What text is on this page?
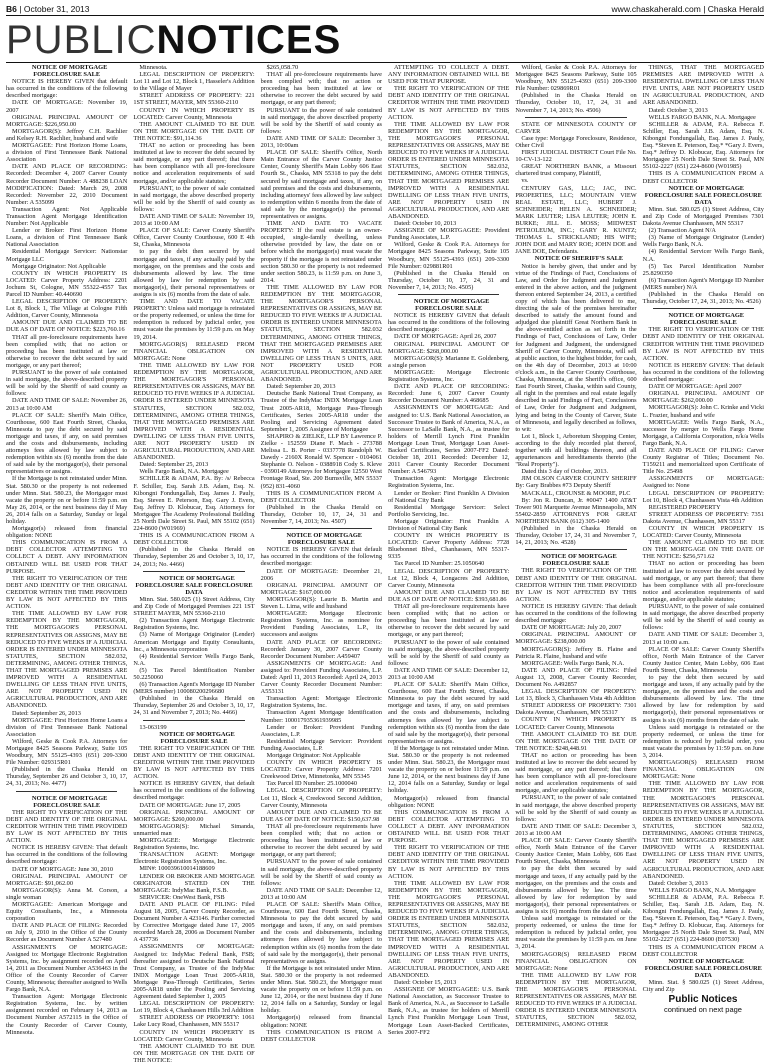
B6 | October 31, 2013	www.chaskaherald.com | Chaska Herald
PUBLICNOTICES

NOTICE OF MORTGAGE FORECLOSURE SALE

NOTICE IS HEREBY GIVEN that default has occurred in the conditions of the following described mortgage:

DATE OF MORTGAGE: November 19, 2007

ORIGINAL PRINCIPAL AMOUNT OF MORTGAGE: $226,950.00

MORTGAGOR(S): Jeffrey C.H. Rachlier and Kelsey R.H. Rachlier, husband and wife

MORTGAGEE: First Horizon Home Loans, a division of First Tennessee Bank National Association

DATE AND PLACE OF RECORDING: Recorded: December 4, 2007 Carver County Recorder Document Number: A 488238 LOAN MODIFICATION: Dated: March 29, 2008 Recorded: November 22, 2010 Document Number: A 535099

Transaction Agent: Not Applicable Transaction Agent Mortgage Identification Number: Not Applicable

Lender or Broker: First Horizon Home Loans, a division of First Tennessee Bank National Association

Residential Mortgage Servicer: Nationstar Mortgage LLC

Mortgage Originator: Not Applicable

COUNTY IN WHICH PROPERTY IS LOCATED: Carver Property Address: 2201 Jochum St, Cologne, MN 55322-4557 Tax Parcel ID Number: 40.440690

LEGAL DESCRIPTION OF PROPERTY: Lot 8, Block 1, The Village at Cologne Fifth Addition, Carver County, Minnesota

AMOUNT DUE AND CLAIMED TO BE DUE AS OF DATE OF NOTICE: $223,760.16

THAT all pre-foreclosure requirements have been complied with; that no action or proceeding has been instituted at law or otherwise to recover the debt secured by said mortgage, or any part thereof;

PURSUANT to the power of sale contained in said mortgage, the above-described property will be sold by the Sheriff of said county as follows:

DATE AND TIME OF SALE: November 26, 2013 at 10:00 AM

PLACE OF SALE: Sheriff's Main Office, Courthouse, 600 East Fourth Street, Chaska, Minnesota to pay the debt secured by said mortgage and taxes, if any, on said premises and the costs and disbursements, including attorneys fees allowed by law subject to redemption within six (6) months from the date of said sale by the mortgagor(s), their personal representatives or assigns.

If the Mortgage is not reinstated under Minn. Stat. 580.30 or the property is not redeemed under Minn. Stat. 580.23, the Mortgagor must vacate the property on or before 11:59 p.m. on May 26, 2014, or the next business day if May 26, 2014 falls on a Saturday, Sunday or legal holiday.

Mortgagor(s) released from financial obligation: NONE

THIS COMMUNICATION IS FROM A DEBT COLLECTOR ATTEMPTING TO COLLECT A DEBT. ANY INFORMATION OBTAINED WILL BE USED FOR THAT PURPOSE.

THE RIGHT TO VERIFICATION OF THE DEBT AND IDENTITY OF THE ORIGINAL CREDITOR WITHIN THE TIME PROVIDED BY LAW IS NOT AFFECTED BY THIS ACTION.

THE TIME ALLOWED BY LAW FOR REDEMPTION BY THE MORTGAGOR, THE MORTGAGOR'S PERSONAL REPRESENTATIVES OR ASSIGNS, MAY BE REDUCED TO FIVE WEEKS IF A JUDICIAL ORDER IS ENTERED UNDER MINNESOTA STATUTES, SECTION 582.032, DETERMINING, AMONG OTHER THINGS, THAT THE MORTGAGED PREMISES ARE IMPROVED WITH A RESIDENTIAL DWELLING OF LESS THAN FIVE UNITS, ARE NOT PROPERTY USED IN AGRICULTURAL PRODUCTION, AND ARE ABANDONED.

Dated: September 26, 2013

MORTGAGEE: First Horizon Home Loans a division of First Tennessee Bank National Association

Wilford, Geske & Cook P.A. Attorneys for Mortgagee 8425 Seasons Parkway, Suite 105 Woodbury, MN 55125-4393 (651) 209-3300 File Number: 029315R01

(Published in the Chaska Herald on Thursday, September 26 and October 3, 10, 17, 24, 31, 2013; No. 4477)

NOTICE OF MORTGAGE FORECLOSURE SALE

THE RIGHT TO VERIFICATION OF THE DEBT AND IDENTITY OF THE ORIGINAL CREDITOR WITHIN THE TIME PROVIDED BY LAW IS NOT AFFECTED BY THIS ACTION.

NOTICE IS HEREBY GIVEN: That default has occurred in the conditions of the following described mortgage:

DATE OF MORTGAGE: June 30, 2010

ORIGINAL PRINCIPAL AMOUNT OF MORTGAGE: $91,062.00

MORTGAGOR(S): Anna M. Corson, a single woman

MORTGAGEE: American Mortgage and Equity Consultants, Inc., a Minnesota corporation

DATE AND PLACE OF FILING: Recorded on July 9, 2010 in the Office of the County Recorder as Document Number A 527480

ASSIGNMENTS OF MORTGAGE: Assigned to: Mortgage Electronic Registration Systems, Inc. by assignment recorded on April 14, 2011 as Document Number A536463 in the Office of the County Recorder of Carver County, Minnesota; thereafter assigned to Wells Fargo Bank, N.A.

Transaction Agent: Mortgage Electronic Registration Systems, Inc. by written assignment recorded on February 14, 2013 as Document Number A572115 in the Office of the County Recorder of Carver County, Minnesota.

Minnesota.

LEGAL DESCRIPTION OF PROPERTY: Lot 11 and Lot 12, Block 1, Hasseler's Addition to the Village of Mayer

STREET ADDRESS OF PROPERTY: 221 1ST STREET, MAYER, MN 55360-2110

COUNTY IN WHICH PROPERTY IS LOCATED: Carver County, Minnesota

THE AMOUNT CLAIMED TO BE DUE ON THE MORTGAGE ON THE DATE OF THE NOTICE: $91,114.36

THAT no action or proceeding has been instituted at law to recover the debt secured by said mortgage, or any part thereof; that there has been compliance with all pre-foreclosure notice and acceleration requirements of said mortgage, and/or applicable statutes;

PURSUANT, to the power of sale contained in said mortgage, the above described property will be sold by the Sheriff of said county as follows:

DATE AND TIME OF SALE: November 19, 2013 at 10:00 AM

PLACE OF SALE: Carver County Sheriff's Office, Carver County Courthouse, 600 E 4th St, Chaska, Minnesota

to pay the debt then secured by said mortgage and taxes, if any actually paid by the mortgagee, on the premises and the costs and disbursements allowed by law. The time allowed by law for redemption by said mortgagor(s), their personal representatives or assigns is six (6) months from the date of sale.

TIME AND DATE TO VACATE PROPERTY: Unless said mortgage is reinstated or the property redeemed, or unless the time for redemption is reduced by judicial order, you must vacate the premises by 11:59 p.m. on May 19, 2014.

MORTGAGOR(S) RELEASED FROM FINANCIAL OBLIGATION ON MORTGAGE: None

THE TIME ALLOWED BY LAW FOR REDEMPTION BY THE MORTGAGOR, THE MORTGAGOR'S PERSONAL REPRESENTATIVES OR ASSIGNS, MAY BE REDUCED TO FIVE WEEKS IF A JUDICIAL ORDER IS ENTERED UNDER MINNESOTA STATUTES, SECTION 582.032, DETERMINING, AMONG OTHER THINGS, THAT THE MORTGAGED PREMISES ARE IMPROVED WITH A RESIDENTIAL DWELLING OF LESS THAN FIVE UNITS, ARE NOT PROPERTY USED IN AGRICULTURAL PRODUCTION, AND ARE ABANDONED.

Dated: September 25, 2013

Wells Fargo Bank, N.A. Mortgagee

SCHILLER & ADAM, P.A. By: /s/ Rebecca F. Schiller, Esq. Sarah J.B. Adam, Esq. N. Kibongni Fondungallah, Esq. James J. Pauly, Esq. Steven E. Peterson, Esq. Gary J. Evers, Esq. Jeffrey D. Klobucar, Esq. Attorneys for Mortgagee The Academy Professional Building 25 North Dale Street St. Paul, MN 55102 (651) 224-8600 (W01969)

THIS IS A COMMUNICATION FROM A DEBT COLLECTOR

(Published in the Chaska Herald on Thursday, September 26 and October 3, 10, 17, 24, 2013; No. 4466)

NOTICE OF MORTGAGE FORECLOSURE SALE FORECLOSURE DATA

Minn. Stat. 580.025 (1) Street Address, City and Zip Code of Mortgaged Premises 221 1ST STREET MAYER, MN 55360-2110

(2) Transaction Agent Mortgage Electronic Registration Systems, Inc.

(3) Name of Mortgage Originator (Lender) American Mortgage and Equity Consultants, Inc., a Minnesota corporation

(4) Residential Servicer Wells Fargo Bank, N.A.

(5) Tax Parcel Identification Number 50.2250060

(6) Transaction Agent's Mortgage ID Number (MERS number) 100080200296680

(Published in the Chaska Herald on Thursday, September 26 and October 3, 10, 17, 24, 31 and November 7, 2013; No. 4466)

13-063199

NOTICE OF MORTGAGE FORECLOSURE SALE

THE RIGHT TO VERIFICATION OF THE DEBT AND IDENTITY OF THE ORIGINAL CREDITOR WITHIN THE TIME PROVIDED BY LAW IS NOT AFFECTED BY THIS ACTION.

NOTICE IS HEREBY GIVEN, that default has occurred in the conditions of the following described mortgage:

DATE OF MORTGAGE: June 17, 2005

ORIGINAL PRINCIPAL AMOUNT OF MORTGAGE: $260,000.00

MORTGAGOR(S): Michael Simanda, unmarried man

MORTGAGEE: Mortgage Electronic Registration Systems, Inc.

TRANSACTION AGENT: Mortgage Electronic Registration Systems, Inc.

MIN#: 100039610014188609

LENDER OR BROKER AND MORTGAGE ORIGINATOR STATED ON THE MORTGAGE: IndyMac Bank, F.S.B.

SERVICER: OneWest Bank, FSB

DATE AND PLACE OF FILING: Filed August 18, 2005, Carver County Recorder, as Document Number A 423146. Further corrected by Corrective Mortgage dated June 17, 2005 recorded March 28, 2006 as Document Number A 437736

ASSIGNMENTS OF MORTGAGE: Assigned to: IndyMac Federal Bank, FSB; thereafter assigned to Deutsche Bank National Trust Company, as Trustee of the IndyMac INDX Mortgage Loan Trust 2005-AR18, Mortgage Pass-Through Certificates, Series 2005-AR18 under the Pooling and Servicing Agreement dated September 1, 2005

LEGAL DESCRIPTION OF PROPERTY: Lot 19, Block 4, Chanhassen Hills 3rd Addition

STREET ADDRESS OF PROPERTY: 1061 Lake Lucy Road, Chanhassen, MN 55317

COUNTY IN WHICH PROPERTY IS LOCATED: Carver County, Minnesota

THE AMOUNT CLAIMED TO BE DUE ON THE MORTGAGE ON THE DATE OF THE NOTICE:

$265,058.70

THAT all pre-foreclosure requirements have been complied with; that no action or proceeding has been instituted at law or otherwise to recover the debt secured by said mortgage, or any part thereof;

PURSUANT to the power of sale contained in said mortgage, the above described property will be sold by the Sheriff of said county as follows:

DATE AND TIME OF SALE: December 3, 2013, 10:00am

PLACE OF SALE: Sheriff's Office, North Main Entrance of the Carver County Justice Center, County Sheriff's Main Lobby 606 East Fourth St., Chaska, MN 55318 to pay the debt secured by said mortgage and taxes, if any, on said premises and the costs and disbursements, including attorneys' fees allowed by law subject to redemption within 6 months from the date of said sale by the mortgagor(s) the personal representatives or assigns.

TIME AND DATE TO VACATE PROPERTY: If the real estate is an owner-occupied, single-family dwelling, unless otherwise provided by law, the date on or before which the mortgagor(s) must vacate the property if the mortgage is not reinstated under section 580.30 or the property is not redeemed under section 580.23, is 11:59 p.m. on June 3, 2014.

THE TIME ALLOWED BY LAW FOR REDEMPTION BY THE MORTGAGOR, THE MORTGAGOR'S PERSONAL REPRESENTATIVES OR ASSIGNS, MAY BE REDUCED TO FIVE WEEKS IF A JUDICIAL ORDER IS ENTERED UNDER MINNESOTA STATUTES, SECTION 582.032 DETERMINING, AMONG OTHER THINGS, THAT THE MORTGAGED PREMISES ARE IMPROVED WITH A RESIDENTIAL DWELLING OF LESS THAN 5 UNITS, ARE NOT PROPERTY USED FOR AGRICULTURAL PRODUCTION, AND ARE ABANDONED.

Dated: September 20, 2013

Deutsche Bank National Trust Company, as Trustee of the IndyMac INDX Mortgage Loan Trust 2005-AR18, Mortgage Pass-Through Certificates, Series 2005-AR18 under the Pooling and Servicing Agreement dated September 1, 2005 Assignee of Mortgagee

SHAPIRO & ZIELKE, LLP BY Lawrence P. Zielke - 152559 Diane F. Mach - 273788 Melissa L. B. Porter - 0337778 Randolph W. Dawdy - 2160X Ronald W. Spencer - 0104061 Stephanie O. Nelson - 0388918 Cody S. Kleve - 0390149 Attorneys for Mortgagee 12550 West Frontage Road, Ste. 200 Burnsville, MN 55337 (952) 831-4060

THIS IS A COMMUNICATION FROM A DEBT COLLECTOR

(Published in the Chaska Herald on Thursday, October 10, 17, 24, 31 and November 7, 14, 2013; No. 4507)

NOTICE OF MORTGAGE FORECLOSURE SALE

NOTICE IS HEREBY GIVEN that default has occurred in the conditions of the following described mortgage:

DATE OF MORTGAGE: December 21, 2006

ORIGINAL PRINCIPAL AMOUNT OF MORTGAGE: $167,000.00

MORTGAGOR(S): Laurie B. Martin and Steven L. Lima, wife and husband

MORTGAGEE: Mortgage Electronic Registration Systems, Inc. as nominee for Provident Funding Associates, L.P., its successors and assigns

DATE AND PLACE OF RECORDING: Recorded: January 30, 2007 Carver County Recorder Document Number: A459407

ASSIGNMENTS OF MORTGAGE: And assigned to: Provident Funding Associates, L.P. Dated: April 11, 2013 Recorded: April 24, 2013 Carver County Recorder Document Number: A553131

Transaction Agent: Mortgage Electronic Registration Systems, Inc.

Transaction Agent Mortgage Identification Number: 100017935361939985

Lender or Broker: Provident Funding Associates, L.P.

Residential Mortgage Servicer: Provident Funding Associates, L.P.

Mortgage Originator: Not Applicable

COUNTY IN WHICH PROPERTY IS LOCATED: Carver Property Address: 7201 Creekwood Drive, Minnetonka, MN 55345

Tax Parcel ID Number: 25.1000040

LEGAL DESCRIPTION OF PROPERTY: Lot 11, Block 4, Creekwood Second Addition, Carver County, Minnesota

AMOUNT DUE AND CLAIMED TO BE DUE AS OF DATE OF NOTICE: $150,637.98

THAT all pre-foreclosure requirements have been complied with; that no action or proceeding has been instituted at law or otherwise to recover the debt secured by said mortgage, or any part thereof;

PURSUANT to the power of sale contained in said mortgage, the above-described property will be sold by the Sheriff of said county as follows:

DATE AND TIME OF SALE: December 12, 2013 at 10:00 AM

PLACE OF SALE: Sheriff's Main Office, Courthouse, 600 East Fourth Street, Chaska, Minnesota to pay the debt secured by said mortgage and taxes, if any, on said premises and the costs and disbursements, including attorneys fees allowed by law subject to redemption within six (6) months from the date of said sale by the mortgagor(s), their personal representatives or assigns.

If the Mortgage is not reinstated under Minn. Stat. 580.30 or the property is not redeemed under Minn. Stat. 580.23, the Mortgagor must vacate the property on or before 11:59 p.m. on June 12, 2014, or the next business day if June 12, 2014 falls on a Saturday, Sunday or legal holiday.

Mortgagor(s) released from financial obligation: NONE

THIS COMMUNICATION IS FROM A DEBT COLLECTOR

ATTEMPTING TO COLLECT A DEBT. ANY INFORMATION OBTAINED WILL BE USED FOR THAT PURPOSE.

THE RIGHT TO VERIFICATION OF THE DEBT AND IDENTITY OF THE ORIGINAL CREDITOR WITHIN THE TIME PROVIDED BY LAW IS NOT AFFECTED BY THIS ACTION.

THE TIME ALLOWED BY LAW FOR REDEMPTION BY THE MORTGAGOR, THE MORTGAGOR'S PERSONAL REPRESENTATIVES OR ASSIGNS, MAY BE REDUCED TO FIVE WEEKS IF A JUDICIAL ORDER IS ENTERED UNDER MINNESOTA STATUTES, SECTION 582.032, DETERMINING, AMONG OTHER THINGS, THAT THE MORTGAGED PREMISES ARE IMPROVED WITH A RESIDENTIAL DWELLING OF LESS THAN FIVE UNITS, ARE NOT PROPERTY USED IN AGRICULTURAL PRODUCTION, AND ARE ABANDONED.

Dated: October 10, 2013

ASSIGNEE OF MORTGAGEE: Provident Funding Associates, L.P.

Wilford, Geske & Cook P.A. Attorneys for Mortgagee 8425 Seasons Parkway, Suite 105 Woodbury, MN 55125-4393 (651) 209-3300 File Number: 029881R01

(Published in the Chaska Herald on Thursday, October 10, 17, 24, 31 and November 7, 14, 2013; No. 4505)

NOTICE OF MORTGAGE FORECLOSURE SALE

NOTICE IS HEREBY GIVEN that default has occurred in the conditions of the following described mortgage:

DATE OF MORTGAGE: April 26, 2007

ORIGINAL PRINCIPAL AMOUNT OF MORTGAGE: $268,000.00

MORTGAGOR(S): Marianne E. Goldenberg, a single person

MORTGAGEE: Mortgage Electronic Registration Systems, Inc.

DATE AND PLACE OF RECORDING: Recorded: June 6, 2007 Carver County Recorder Document Number: A 468685

ASSIGNMENTS OF MORTGAGE: And assigned to: U.S. Bank National Association, as Successor Trustee to Bank of America, N.A., as Successor to LaSalle Bank, N.A., as trustee for holders of Merrill Lynch First Franklin Mortgage Loan Trust, Mortgage Loan Asset-Backed Certificates, Series 2007-FF2 Dated: October 18, 2011 Recorded: December 12, 2011 Carver County Recorder Document Number: A 546793

Transaction Agent: Mortgage Electronic Registration Systems, Inc.

Lender or Broker: First Franklin A Division of National City Bank

Residential Mortgage Servicer: Select Portfolio Servicing, Inc.

Mortgage Originator: First Franklin A Division of National City Bank

COUNTY IN WHICH PROPERTY IS LOCATED: Carver Property Address: 7728 Bluebonnet Blvd., Chanhassen, MN 55317-9335

Tax Parcel ID Number: 25.1050640

LEGAL DESCRIPTION OF PROPERTY: Lot 12, Block 4, Longacres 2nd Addition, Carver County, Minnesota

AMOUNT DUE AND CLAIMED TO BE DUE AS OF DATE OF NOTICE: $393,681.86

THAT all pre-foreclosure requirements have been complied with; that no action or proceeding has been instituted at law or otherwise to recover the debt secured by said mortgage, or any part thereof;

PURSUANT to the power of sale contained in said mortgage, the above-described property will be sold by the Sheriff of said county as follows:

DATE AND TIME OF SALE: December 12, 2013 at 10:00 AM

PLACE OF SALE: Sheriff's Main Office, Courthouse, 600 East Fourth Street, Chaska, Minnesota to pay the debt secured by said mortgage and taxes, if any, on said premises and the costs and disbursements, including attorneys fees allowed by law subject to redemption within six (6) months from the date of said sale by the mortgagor(s), their personal representatives or assigns.

If the Mortgage is not reinstated under Minn. Stat. 580.30 or the property is not redeemed under Minn. Stat. 580.23, the Mortgagor must vacate the property on or before 11:59 p.m. on June 12, 2014, or the next business day if June 12, 2014 falls on a Saturday, Sunday or legal holiday.

Mortgagor(s) released from financial obligation: NONE

THIS COMMUNICATION IS FROM A DEBT COLLECTOR ATTEMPTING TO COLLECT A DEBT. ANY INFORMATION OBTAINED WILL BE USED FOR THAT PURPOSE.

THE RIGHT TO VERIFICATION OF THE DEBT AND IDENTITY OF THE ORIGINAL CREDITOR WITHIN THE TIME PROVIDED BY LAW IS NOT AFFECTED BY THIS ACTION.

THE TIME ALLOWED BY LAW FOR REDEMPTION BY THE MORTGAGOR, THE MORTGAGOR'S PERSONAL REPRESENTATIVES OR ASSIGNS, MAY BE REDUCED TO FIVE WEEKS IF A JUDICIAL ORDER IS ENTERED UNDER MINNESOTA STATUTES, SECTION 582.032, DETERMINING, AMONG OTHER THINGS, THAT THE MORTGAGED PREMISES ARE IMPROVED WITH A RESIDENTIAL DWELLING OF LESS THAN FIVE UNITS, ARE NOT PROPERTY USED IN AGRICULTURAL PRODUCTION, AND ARE ABANDONED.

Dated: October 15, 2013

ASSIGNEE OF MORTGAGEE: U.S. Bank National Association, as Successor Trustee to Bank of America, N.A., as Successor to LaSalle Bank, N.A., as trustee for holders of Merrill Lynch First Franklin Mortgage Loan Trust, Mortgage Loan Asset-Backed Certificates, Series 2007-FF2

Wilford, Geske & Cook P.A. Attorneys for Mortgagee 8425 Seasons Parkway, Suite 105 Woodbury, MN 55125-4393 (651) 209-3300 File Number: 029869R01

(Published in the Chaska Herald on Thursday, October 10, 17, 24, 31 and November 7, 14, 2013; No. 4506)

STATE OF MINNESOTA COUNTY OF CARVER

Case type: Mortgage Foreclosure, Residence, Other Civil

FIRST JUDICIAL DISTRICT Court File No. 10-CV-13-122

GREAT NORTHERN BANK, a Missouri chartered trust company, Plaintiff,

vs.

CENTURY GAS, LLC; JAC, INC. PROPERTIES, LLC; MOUNTAIN VIEW REAL ESTATE, LLC; HUBERT J. SCHNEIDER; HELEN A. SCHNEIDER; MARK LEUTER; LISA LEUTER; JOHN E. BURKE; JILL E. MOSS; MIDWEST PETROLEUM, INC.; GARY R. KUNTZ; THOMAS L. STRICKLAND; HIS WIFE; JOHN DOE and MARY ROE; JOHN DOE and JANE DOE, Defendants.

NOTICE OF SHERIFF'S SALE

Notice is hereby given, that under and by virtue of the Findings of Fact, Conclusions of Law, and Order for Judgment and Judgment entered in the above action, and the judgment thereon entered September 24, 2013, a certified copy of which has been delivered to me, directing the sale of the premises hereinafter described to satisfy the amount found and adjudged due plaintiff Great Northern Bank in the above-entitled action as set forth in the Findings of Fact, Conclusions of Law, Order for Judgment and Judgment, the undersigned Sheriff of Carver County, Minnesota, will sell at public auction, to the highest bidder, for cash, on the 4th day of December, 2013 at 10:00 o'clock a.m., in the Carver County Courthouse, Chaska, Minnesota, at the Sheriff's office, 600 East Fourth Street, Chaska, within said County, all right in the premises and real estate legally described in said Findings of Fact, Conclusions of Law, Order for Judgment and Judgment, lying and being in the County of Carver, State of Minnesota, and legally described as follows, to wit:

Lot 1, Block 1, Arboretum Shopping Center, according to the duly recorded plat thereof, together with all buildings thereon, and all appurtenances and hereditaments thereto (the "Real Property").

Dated this 3 day of October, 2013.

JIM OLSON CARVER COUNTY SHERIFF By: Gary Brabbes #73 Deputy Sheriff

MACKALL, CROUNSE & MOORE, PLC

By: Jon R. Duncan, Jr. #0047 1400 AT&T Tower 901 Marquette Avenue Minneapolis, MN 55402-2859 ATTORNEYS FOR GREAT NORTHERN BANK (612) 305-1400

(Published in the Chaska Herald on Thursday, October 17, 24, 31 and November 7, 14, 21, 2013; No. 4528)

NOTICE OF MORTGAGE FORECLOSURE SALE

THE RIGHT TO VERIFICATION OF THE DEBT AND IDENTITY OF THE ORIGINAL CREDITOR WITHIN THE TIME PROVIDED BY LAW IS NOT AFFECTED BY THIS ACTION.

NOTICE IS HEREBY GIVEN: That default has occurred in the conditions of the following described mortgage:

DATE OF MORTGAGE: July 20, 2007

ORIGINAL PRINCIPAL AMOUNT OF MORTGAGE: $238,000.00

MORTGAGOR(S): Jeffery B. Flaine and Patricia R. Flaine, husband and wife

MORTGAGEE: Wells Fargo Bank, N.A.

DATE AND PLACE OF FILING: Filed August 13, 2008, Carver County Recorder, Document No. A492857

LEGAL DESCRIPTION OF PROPERTY: Lot 13, Block 3, Chanhassen Vista 4th Addition

STREET ADDRESS OF PROPERTY: 7301 Dakota Avenue, Chanhassen, MN 55317

COUNTY IN WHICH PROPERTY IS LOCATED: Carver County, Minnesota

THE AMOUNT CLAIMED TO BE DUE ON THE MORTGAGE ON THE DATE OF THE NOTICE: $248,448.91

THAT no action or proceeding has been instituted at law to recover the debt secured by said mortgage, or any part thereof; that there has been compliance with all pre-foreclosure notice and acceleration requirements of said mortgage, and/or applicable statutes;

PURSUANT, to the power of sale contained in said mortgage, the above described property will be sold by the Sheriff of said county as follows:

DATE AND TIME OF SALE: December 3, 2013 at 10:00 AM

PLACE OF SALE: Carver County Sheriff's office, North Main Entrance of the Carver County Justice Center, Main Lobby, 606 East Fourth Street, Chaska, Minnesota

to pay the debt then secured by said mortgage and taxes, if any actually paid by the mortgagee, on the premises and the costs and disbursements allowed by law. The time allowed by law for redemption by said mortgagor(s), their personal representatives or assigns is six (6) months from the date of sale.

Unless said mortgage is reinstated or the property redeemed, or unless the time for redemption is reduced by judicial order, you must vacate the premises by 11:59 p.m. on June 3, 2014.

MORTGAGOR(S) RELEASED FROM FINANCIAL OBLIGATION ON MORTGAGE: None

THE TIME ALLOWED BY LAW FOR REDEMPTION BY THE MORTGAGOR, THE MORTGAGOR'S PERSONAL REPRESENTATIVES OR ASSIGNS, MAY BE REDUCED TO FIVE WEEKS IF A JUDICIAL ORDER IS ENTERED UNDER MINNESOTA STATUTES, SECTION 582.032, DETERMINING, AMONG OTHER

THINGS, THAT THE MORTGAGED PREMISES ARE IMPROVED WITH A RESIDENTIAL DWELLING OF LESS THAN FIVE UNITS, ARE NOT PROPERTY USED IN AGRICULTURAL PRODUCTION, AND ARE ABANDONED.

Dated: October 3, 2013

WELLS FARGO BANK, N.A. Mortgagee

SCHILLER & ADAM, P.A. Rebecca F. Schiller, Esq. Sarah J.B. Adam, Esq. N. Kibongni Fondungallah, Esq. James J. Pauly, Esq. *Steven E. Peterson, Esq.* *Gary J. Evers, Esq.* Jeffrey D. Klobucar, Esq. Attorneys for Mortgagee 25 North Dale Street St. Paul, MN 55102-2227 (651) 224-8600 (W01985)

THIS IS A COMMUNICATION FROM A DEBT COLLECTOR

NOTICE OF MORTGAGE FORECLOSURE SALE FORECLOSURE DATA

Minn. Stat. 580.025 (1) Street Address, City and Zip Code of Mortgaged Premises 7301 Dakota Avenue Chanhassen, MN 55317

(2) Transaction Agent N/A

(3) Name of Mortgage Originator (Lender) Wells Fargo Bank, N.A.

(4) Residential Servicer Wells Fargo Bank, N.A.

(5) Tax Parcel Identification Number 25.8290350

(6) Transaction Agent's Mortgage ID Number (MERS number) N/A

(Published in the Chaska Herald on Thursday, October 17, 24, 31, 2013; No. 4526)

NOTICE OF MORTGAGE FORECLOSURE SALE

THE RIGHT TO VERIFICATION OF THE DEBT AND IDENTITY OF THE ORIGINAL CREDITOR WITHIN THE TIME PROVIDED BY LAW IS NOT AFFECTED BY THIS ACTION.

NOTICE IS HEREBY GIVEN: That default has occurred in the conditions of the following described mortgage:

DATE OF MORTGAGE: April 2007

ORIGINAL PRINCIPAL AMOUNT OF MORTGAGE: $262,000.00

MORTGAGOR(S): John C. Krinke and Vicki L. Frazier, husband and wife

MORTGAGEE: Wells Fargo Bank, N.A., successor by merger to Wells Fargo Home Mortgage, a California Corporation, n/k/a Wells Fargo Bank, N.A.

DATE AND PLACE OF FILING: Carver County Registrar of Titles; Document No. T159211 and memorialized upon Certificate of Title No. 25498

ASSIGNMENTS OF MORTGAGE: Assigned to: None

LEGAL DESCRIPTION OF PROPERTY: Lot 10, Block 4, Chanhassen Vista 4th Addition

REGISTERED PROPERTY

STREET ADDRESS OF PROPERTY: 7351 Dakota Avenue, Chanhassen, MN 55317

COUNTY IN WHICH PROPERTY IS LOCATED: Carver County, Minnesota

THE AMOUNT CLAIMED TO BE DUE ON THE MORTGAGE ON THE DATE OF THE NOTICE: $256,571.62

THAT no action or proceeding has been instituted at law to recover the debt secured by said mortgage, or any part thereof; that there has been compliance with all pre-foreclosure notice and acceleration requirements of said mortgage, and/or applicable statutes;

PURSUANT, to the power of sale contained in said mortgage, the above described property will be sold by the Sheriff of said county as follows:

DATE AND TIME OF SALE: December 3, 2013 at 10:00 a.m.

PLACE OF SALE: Carver County Sheriff's office, North Main Entrance of the Carver County Justice Center, Main Lobby, 606 East Fourth Street, Chaska, Minnesota

to pay the debt then secured by said mortgage and taxes, if any actually paid by the mortgagee, on the premises and the costs and disbursements allowed by law. The time allowed by law for redemption by said mortgagor(s), their personal representatives or assigns is six (6) months from the date of sale.

Unless said mortgage is reinstated or the property redeemed, or unless the time for redemption is reduced by judicial order, you must vacate the premises by 11:59 p.m. on June 3, 2014.

MORTGAGOR(S) RELEASED FROM FINANCIAL OBLIGATION ON MORTGAGE: None

THE TIME ALLOWED BY LAW FOR REDEMPTION BY THE MORTGAGOR, THE MORTGAGOR'S PERSONAL REPRESENTATIVES OR ASSIGNS, MAY BE REDUCED TO FIVE WEEKS IF A JUDICIAL ORDER IS ENTERED UNDER MINNESOTA STATUTES, SECTION 582.032, DETERMINING, AMONG OTHER THINGS, THAT THE MORTGAGED PREMISES ARE IMPROVED WITH A RESIDENTIAL DWELLING OF LESS THAN FIVE UNITS, ARE NOT PROPERTY USED IN AGRICULTURAL PRODUCTION, AND ARE ABANDONED.

Dated: October 3, 2013

WELLS FARGO BANK, N.A. Mortgagee

SCHILLER & ADAM, P.A. Rebecca F. Schiller, Esq. Sarah J.B. Adam, Esq. N. Kibongni Fondungallah, Esq. James J. Pauly, Esq. *Steven E. Peterson, Esq.* *Gary J. Evers, Esq.* Jeffrey D. Klobucar, Esq. Attorneys for Mortgagee 25 North Dale Street St. Paul, MN 55102-2227 (651) 224-8600 (E07530)

THIS IS A COMMUNICATION FROM A DEBT COLLECTOR

NOTICE OF MORTGAGE FORECLOSURE SALE FORECLOSURE DATA

Minn. Stat. § 580.025 (1) Street Address, City and Zip

Public Notices
continued on next page
